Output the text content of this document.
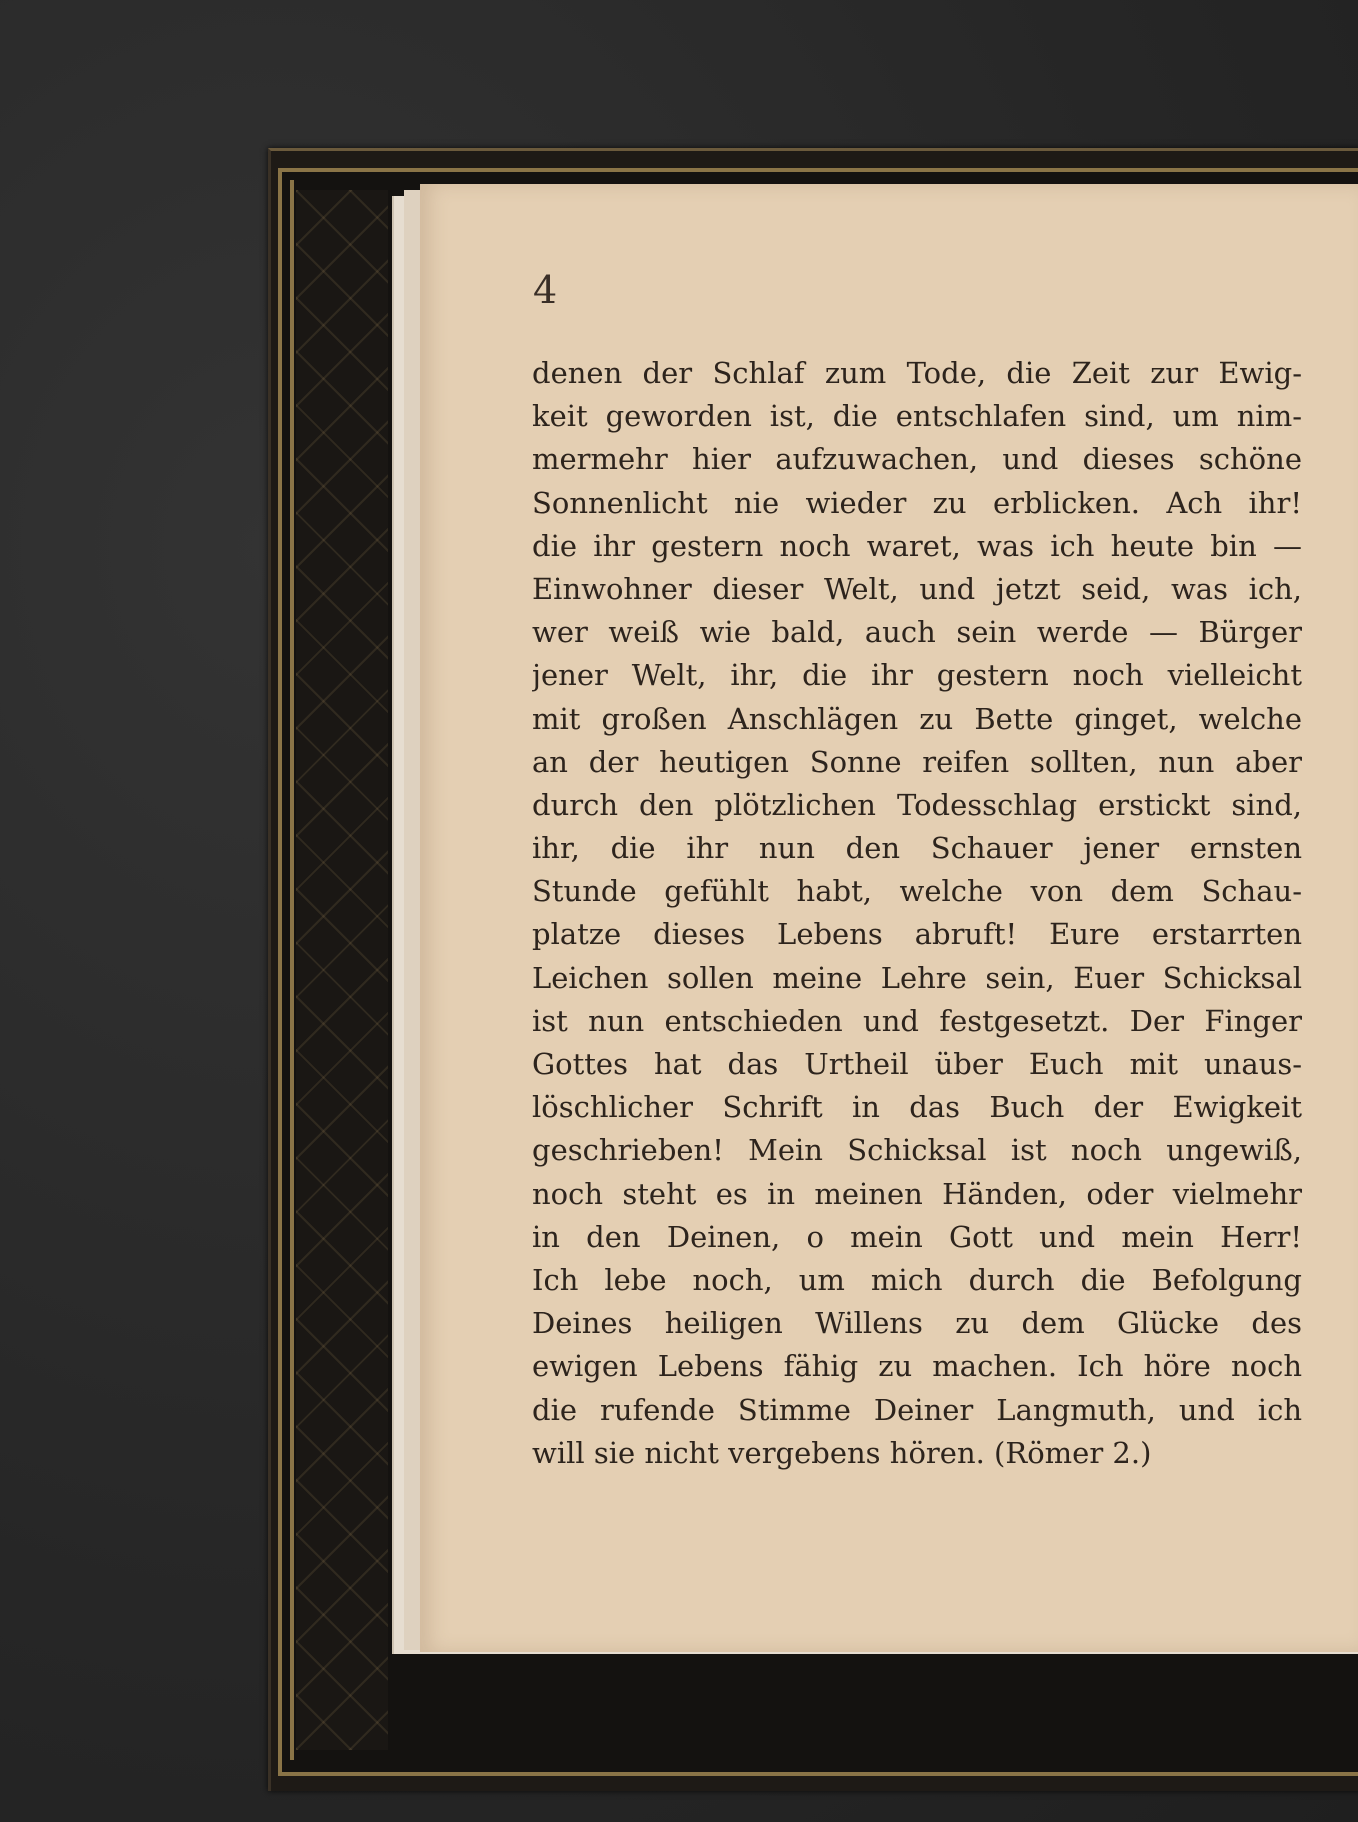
4
denen der Schlaf zum Tode, die Zeit zur Ewig-
keit geworden ist, die entschlafen sind, um nim-
mermehr hier aufzuwachen, und dieses schöne
Sonnenlicht nie wieder zu erblicken. Ach ihr!
die ihr gestern noch waret, was ich heute bin —
Einwohner dieser Welt, und jetzt seid, was ich,
wer weiß wie bald, auch sein werde — Bürger
jener Welt, ihr, die ihr gestern noch vielleicht
mit großen Anschlägen zu Bette ginget, welche
an der heutigen Sonne reifen sollten, nun aber
durch den plötzlichen Todesschlag erstickt sind,
ihr, die ihr nun den Schauer jener ernsten
Stunde gefühlt habt, welche von dem Schau-
platze dieses Lebens abruft! Eure erstarrten
Leichen sollen meine Lehre sein, Euer Schicksal
ist nun entschieden und festgesetzt. Der Finger
Gottes hat das Urtheil über Euch mit unaus-
löschlicher Schrift in das Buch der Ewigkeit
geschrieben! Mein Schicksal ist noch ungewiß,
noch steht es in meinen Händen, oder vielmehr
in den Deinen, o mein Gott und mein Herr!
Ich lebe noch, um mich durch die Befolgung
Deines heiligen Willens zu dem Glücke des
ewigen Lebens fähig zu machen. Ich höre noch
die rufende Stimme Deiner Langmuth, und ich
will sie nicht vergebens hören. (Römer 2.)
